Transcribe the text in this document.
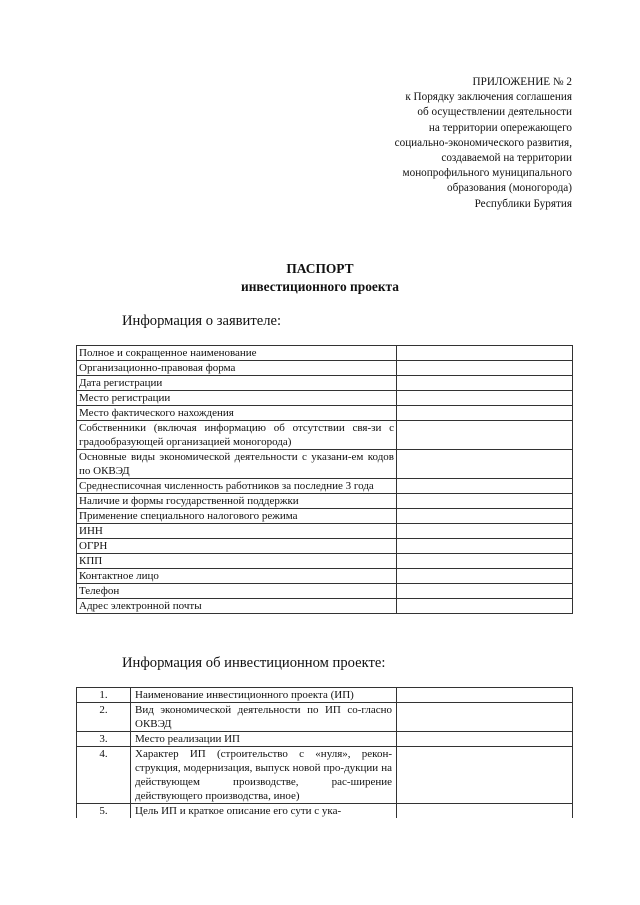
ПРИЛОЖЕНИЕ № 2
к Порядку заключения соглашения
об осуществлении деятельности
на территории опережающего
социально-экономического развития,
создаваемой на территории
монопрофильного муниципального
образования (моногорода)
Республики Бурятия
ПАСПОРТ
инвестиционного проекта
Информация о заявителе:
Полное и сокращенное наименование	
Организационно-правовая форма	
Дата регистрации	
Место регистрации	
Место фактического нахождения	
Собственники (включая информацию об отсутствии свя-зи с градообразующей организацией моногорода)	
Основные виды экономической деятельности с указани-ем кодов по ОКВЭД	
Среднесписочная численность работников за последние 3 года	
Наличие и формы государственной поддержки	
Применение специального налогового режима	
ИНН	
ОГРН	
КПП	
Контактное лицо	
Телефон	
Адрес электронной почты	
Информация об инвестиционном проекте:
1.	Наименование инвестиционного проекта (ИП)	
2.	Вид экономической деятельности по ИП со-гласно ОКВЭД	
3.	Место реализации ИП	
4.	Характер ИП (строительство с «нуля», рекон-струкция, модернизация, выпуск новой про-дукции на действующем производстве, рас-ширение действующего производства, иное)	
5.	Цель ИП и краткое описание его сути с ука-	
